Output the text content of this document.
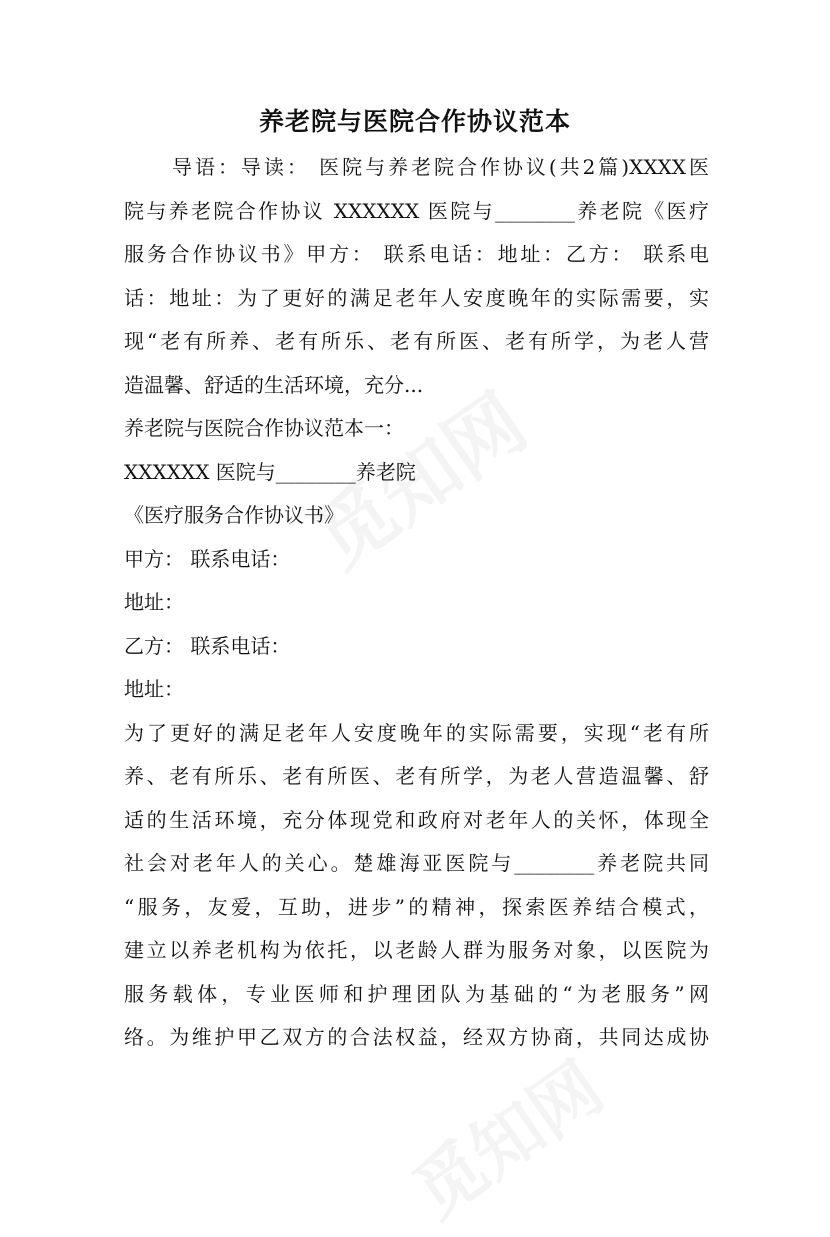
养老院与医院合作协议范本
导语：导读： 医院与养老院合作协议(共2篇)XXXX医
院与养老院合作协议 XXXXXX 医院与________养老院《医疗
服务合作协议书》甲方： 联系电话：地址：乙方： 联系电
话：地址：为了更好的满足老年人安度晚年的实际需要，实
现“老有所养、老有所乐、老有所医、老有所学，为老人营
造温馨、舒适的生活环境，充分...
养老院与医院合作协议范本一：
XXXXXX 医院与________养老院
《医疗服务合作协议书》
甲方： 联系电话：
地址：
乙方： 联系电话：
地址：
为了更好的满足老年人安度晚年的实际需要，实现“老有所
养、老有所乐、老有所医、老有所学，为老人营造温馨、舒
适的生活环境，充分体现党和政府对老年人的关怀，体现全
社会对老年人的关心。楚雄海亚医院与________养老院共同
“服务，友爱，互助，进步”的精神，探索医养结合模式，
建立以养老机构为依托，以老龄人群为服务对象，以医院为
服务载体，专业医师和护理团队为基础的“为老服务”网
络。为维护甲乙双方的合法权益，经双方协商，共同达成协
